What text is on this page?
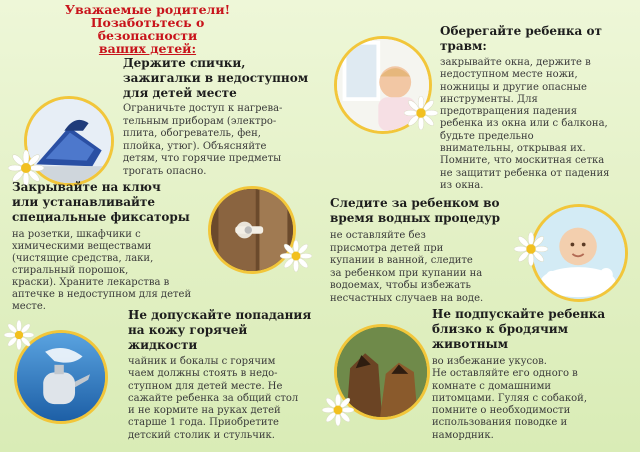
Уважаемые родители!
Позаботьтесь о безопасности
ваших детей:
Держите спички,
зажигалки в недоступном
для детей месте
Ограничьте доступ к нагрева-
тельным приборам (электро-
плита, обогреватель, фен,
плойка, утюг). Объясняйте
детям, что горячие предметы
трогать опасно.
Закрывайте на ключ
или устанавливайте
специальные фиксаторы
на розетки, шкафчики с
химическими веществами
(чистящие средства, лаки,
стиральный порошок,
краски). Храните лекарства в
аптечке в недоступном для детей
месте.
Не допускайте попадания
на кожу горячей
жидкости
чайник и бокалы с горячим
чаем должны стоять в недо-
ступном для детей месте. Не
сажайте ребенка за общий стол
и не кормите на руках детей
старше 1 года. Приобретите
детский столик и стульчик.
Оберегайте ребенка от
травм:
закрывайте окна, держите в
недоступном месте ножи,
ножницы и другие опасные
инструменты. Для
предотвращения падения
ребенка из окна или с балкона,
будьте предельно
внимательны, открывая их.
Помните, что москитная сетка
не защитит ребенка от падения
из окна.
Следите за ребенком во
время водных процедур
не оставляйте без
присмотра детей при
купании в ванной, следите
за ребенком при купании на
водоемах, чтобы избежать
несчастных случаев на воде.
Не подпускайте ребенка
близко к бродячим
животным
во избежание укусов.
Не оставляйте его одного в
комнате с домашними
питомцами. Гуляя с собакой,
помните о необходимости
использования поводке и
намордник.
